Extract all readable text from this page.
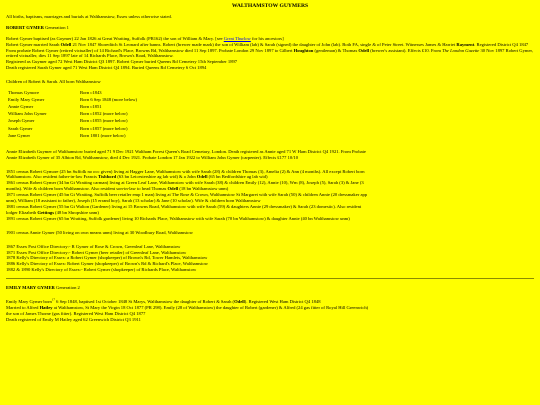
WALTHAMSTOW GUYMERS

All births, baptisms, marriages and burials at Walthamstow, Essex unless otherwise stated.

ROBERT GYMER Generation 1

Robert Gymer baptised (as Goymer) 22 Jan 1826 at Great Wratting, Suffolk (PR162) the son of William & Mary. [see Great Thurlow for his ancestors]
Robert Gymer married Sarah Odell 21 Nov 1847 Shoreditch St Leonard after banns. Robert (brewer made mark) the son of William (lab) & Sarah (signed) the daughter of John (lab). Both FA, single & of Peter Street. Witnesses James & Harriet Rayment. Registered District Q4 1847
From probate Robert Gymer (retired victualler) of 14 Richard's Place, Browns Rd, Walthamstow died 11 Sep 1897. Probate London 29 Nov 1897 to Gilbert Houghton (gentleman) & Thomas Odell (brewer's assistant). Effects £10. From The London Gazette 30 Nov 1897 Robert Gymer, retired victualler, dies 11 Sep 1897 late of 14 Richards Place, Brown's Road, Walthamstow.
Registered as Guymer aged 72 West Ham District Q3 1897. Robert Gymer buried Queens Rd Cemetery 15th September 1897
Death registered Sarah Gymer aged 71 West Ham District Q4 1894. Buried Queens Rd Cemetery 6 Oct 1894

Children of Robert & Sarah. All born Walthamstow

Thomas Gymore	Born c1843
Emily Mary Gymer	Born 6 Sep 1848 (more below)
Annie Gymer	Born c1851
William John Gymer	Born c1852 (more below)
Joseph Gymer	Born c1855 (more below)
Sarah Gymer	Born c1857 (more below)
Jane Gymer	Born 1801 (more below)

Annie Elizabeth Guymer of Walthamstow buried aged 71 9 Dec 1921 Waltham Forest Queen's Road Cemetary, London. Death registered as Annie aged 71 W Ham District Q4 1921. From Probate
Annie Elizabeth Gymer of 35 Albion Rd, Walthamstow, died 4 Dec 1921. Probate London 17 Jan 1922 to William John Gymer (carpenter). Effects £177 10/10

1851 census Robert Gymore (25 bn Suffolk no occ given) living at Hagger Lane, Walthamstow with wife Sarah (28) & children Thomas (3), Amelia (2) & Ann (4 months). All except Robert born
Walthamstow. Also resident father-in-law Francis Tishbord (63 bn Leicestershire ag lab wid) & a John Odell (65 bn Bedfordshire ag lab wid)
1861 census Robert Gymer (34 bn Gt Wratting carman) living at Green Leaf Lane, Walthamstow with wife Sarah (38) & children Emily (12), Annie (10), Wm (8), Joseph (5), Sarah (3) & Jane (3
months). Wife & children born Walthamstow. Also resident son-in-law to head Thomas Odell (18 bn Walthamstow unm)
1871 census Robert Gymer (45 bn Gt Wratting, Suffolk beer retailer emp 1 man) living at The Rose & Crown, Walthamstow St Margaret with wife Sarah (50) & children Annie (20 dressmaker app
unm), William (18 assistant to father), Joseph (15 errand boy), Sarah (13 scholar) & Jane (10 scholar). Wife & children born Walthamstow
1881 census Robert Gymer (55 bn Gt Walton (Gardener) living at 15 Browns Road, Walthamstow with wife Sarah (59) & daughters Annie (29 dressmaker) & Sarah (23 domestic). Also resident
lodger Elizabeth Gettings (48 bn Shropshire unm)
1891 census Robert Gymer (65 bn Wratting, Suffolk gardener) living 10 Richards Place, Walthamstow with wife Sarah (70 bn Walthamstow) & daughter Annie (40 bn Walthamstow unm)

1901 census Annie Gymer (50 living on own means unm) living at 30 Woodbury Road, Walthamstow

1867 Essex Post Office Directory:- R Gymer of Rose & Crown, Greenleaf Lane, Walthamstow
1871 Essex Post Office Directory:- Robert Gymer (beer retailer) of Greenleaf Lane, Walthamstow
1878 Kelly's Directory of Essex: a Robert Gymer (shopkeeper) of Brown's Rd, Tower Hamlets, Walthamstow
1886 Kelly's Directory of Essex: Robert Gymer (shopkeeper) of Brown's Rd & Richard's Place, Walthamstow
1882 & 1890 Kelly's Directory of Essex:- Robert Gymer (shopkeeper) of Richards Place, Walthamstow

EMILY MARY GYMER Generation 2

Emily Mary Gymer born$^{17}$ 6 Sep 1848, baptised 1st October 1848 St Marys, Walthamstow the daughter of Robert & Sarah (Odell). Registered West Ham District Q4 1848
Married to Alfred Hatley at Walthamstow, St Mary the Virgin 18 Oct 1877 (PR 298). Emily (28 of Walthamstow) the daughter of Robert (gardener) & Alfred (24 gas fitter of Royal Hill Greenwich)
the son of James Thorne (gas fitter). Registered West Ham District Q4 1877
Death registered of Emily M Hatley aged 62 Greenwich District Q3 1911
